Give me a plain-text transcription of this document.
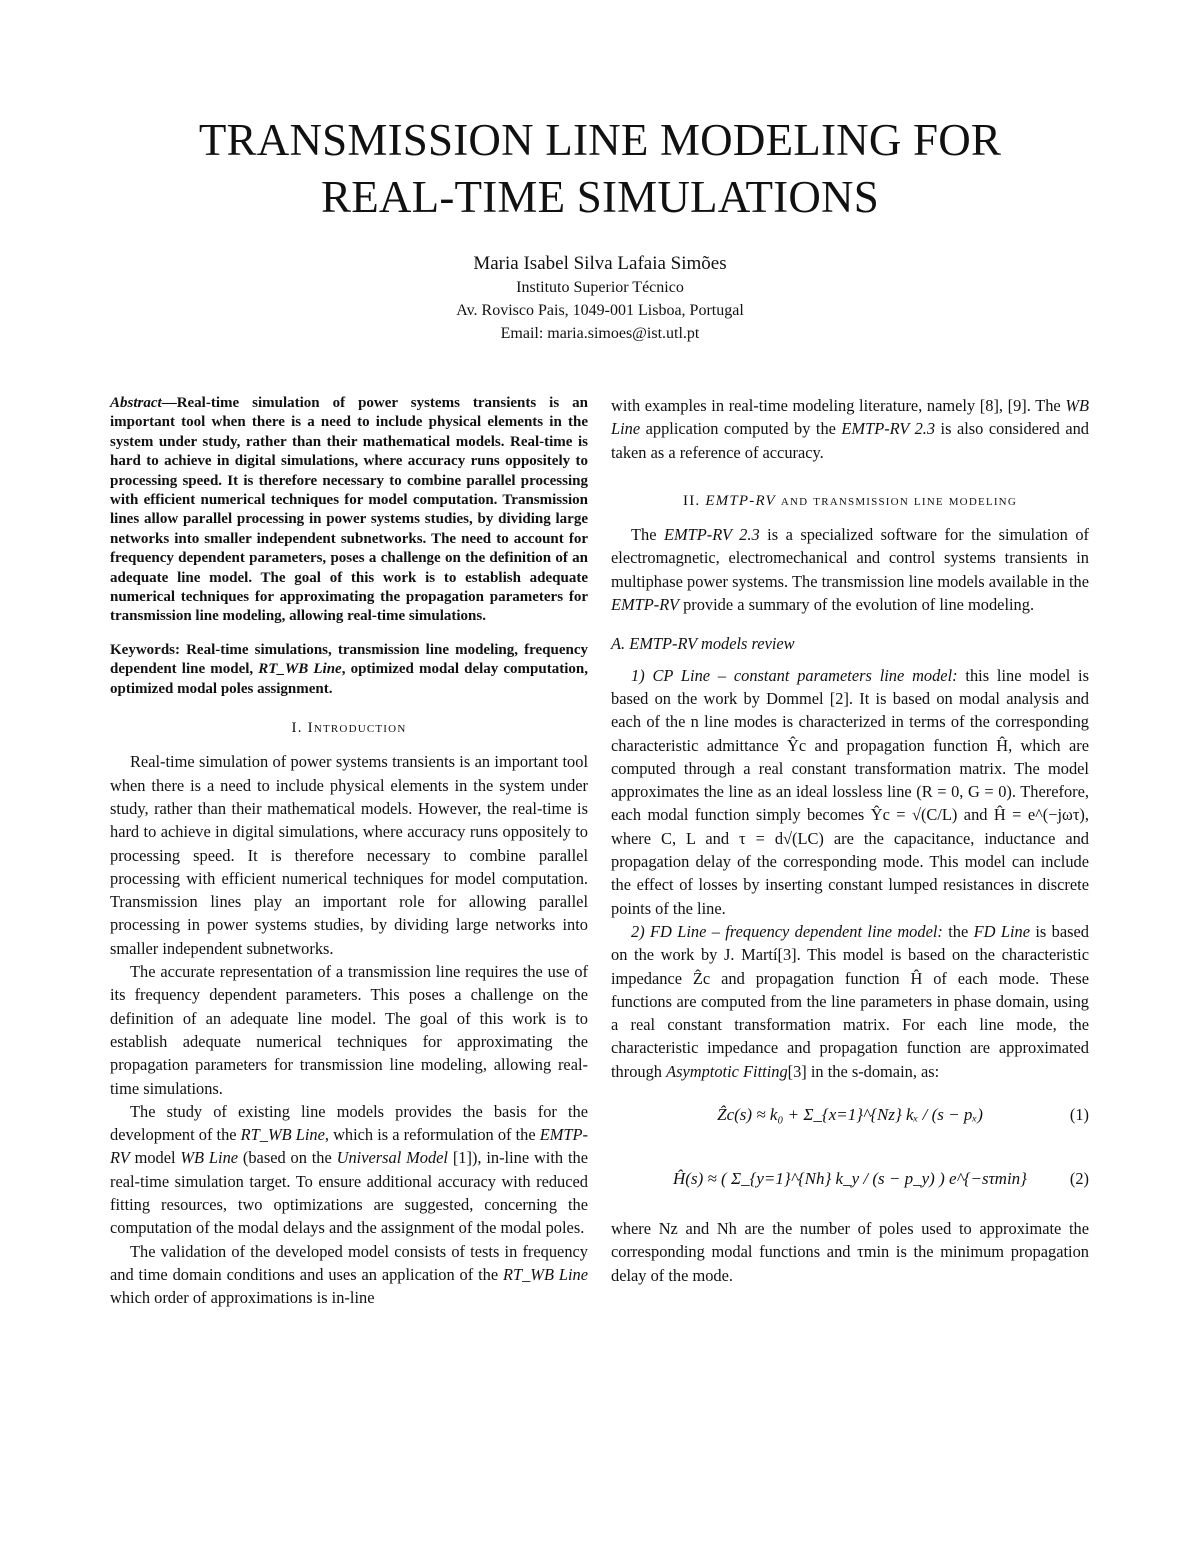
TRANSMISSION LINE MODELING FOR
REAL-TIME SIMULATIONS
Maria Isabel Silva Lafaia Simões
Instituto Superior Técnico
Av. Rovisco Pais, 1049-001 Lisboa, Portugal
Email: maria.simoes@ist.utl.pt

Abstract—Real-time simulation of power systems transients is an important tool when there is a need to include physical elements in the system under study, rather than their mathematical models. Real-time is hard to achieve in digital simulations, where accuracy runs oppositely to processing speed. It is therefore necessary to combine parallel processing with efficient numerical techniques for model computation. Transmission lines allow parallel processing in power systems studies, by dividing large networks into smaller independent subnetworks. The need to account for frequency dependent parameters, poses a challenge on the definition of an adequate line model. The goal of this work is to establish adequate numerical techniques for approximating the propagation parameters for transmission line modeling, allowing real-time simulations.

Keywords: Real-time simulations, transmission line modeling, frequency dependent line model, RT_WB Line, optimized modal delay computation, optimized modal poles assignment.

I. Introduction

Real-time simulation of power systems transients is an important tool when there is a need to include physical elements in the system under study, rather than their mathematical models. However, the real-time is hard to achieve in digital simulations, where accuracy runs oppositely to processing speed. It is therefore necessary to combine parallel processing with efficient numerical techniques for model computation. Transmission lines play an important role for allowing parallel processing in power systems studies, by dividing large networks into smaller independent subnetworks.

The accurate representation of a transmission line requires the use of its frequency dependent parameters. This poses a challenge on the definition of an adequate line model. The goal of this work is to establish adequate numerical techniques for approximating the propagation parameters for transmission line modeling, allowing real-time simulations.

The study of existing line models provides the basis for the development of the RT_WB Line, which is a reformulation of the EMTP-RV model WB Line (based on the Universal Model [1]), in-line with the real-time simulation target. To ensure additional accuracy with reduced fitting resources, two optimizations are suggested, concerning the computation of the modal delays and the assignment of the modal poles.

The validation of the developed model consists of tests in frequency and time domain conditions and uses an application of the RT_WB Line which order of approximations is in-line

with examples in real-time modeling literature, namely [8], [9]. The WB Line application computed by the EMTP-RV 2.3 is also considered and taken as a reference of accuracy.

II. EMTP-RV and transmission line modeling

The EMTP-RV 2.3 is a specialized software for the simulation of electromagnetic, electromechanical and control systems transients in multiphase power systems. The transmission line models available in the EMTP-RV provide a summary of the evolution of line modeling.

A. EMTP-RV models review

1) CP Line – constant parameters line model: this line model is based on the work by Dommel [2]. It is based on modal analysis and each of the n line modes is characterized in terms of the corresponding characteristic admittance Ŷc and propagation function Ĥ, which are computed through a real constant transformation matrix. The model approximates the line as an ideal lossless line (R = 0, G = 0). Therefore, each modal function simply becomes Ŷc = √(C/L) and Ĥ = e^(−jωτ), where C, L and τ = d√(LC) are the capacitance, inductance and propagation delay of the corresponding mode. This model can include the effect of losses by inserting constant lumped resistances in discrete points of the line.

2) FD Line – frequency dependent line model: the FD Line is based on the work by J. Martí[3]. This model is based on the characteristic impedance Ẑc and propagation function Ĥ of each mode. These functions are computed from the line parameters in phase domain, using a real constant transformation matrix. For each line mode, the characteristic impedance and propagation function are approximated through Asymptotic Fitting[3] in the s-domain, as:

Ẑc(s) ≈ k₀ + Σ_{x=1}^{Nz} kₓ / (s − pₓ)	(1)
Ĥ(s) ≈ ( Σ_{y=1}^{Nh} k_y / (s − p_y) ) e^{−sτmin}	(2)

where Nz and Nh are the number of poles used to approximate the corresponding modal functions and τmin is the minimum propagation delay of the mode.
